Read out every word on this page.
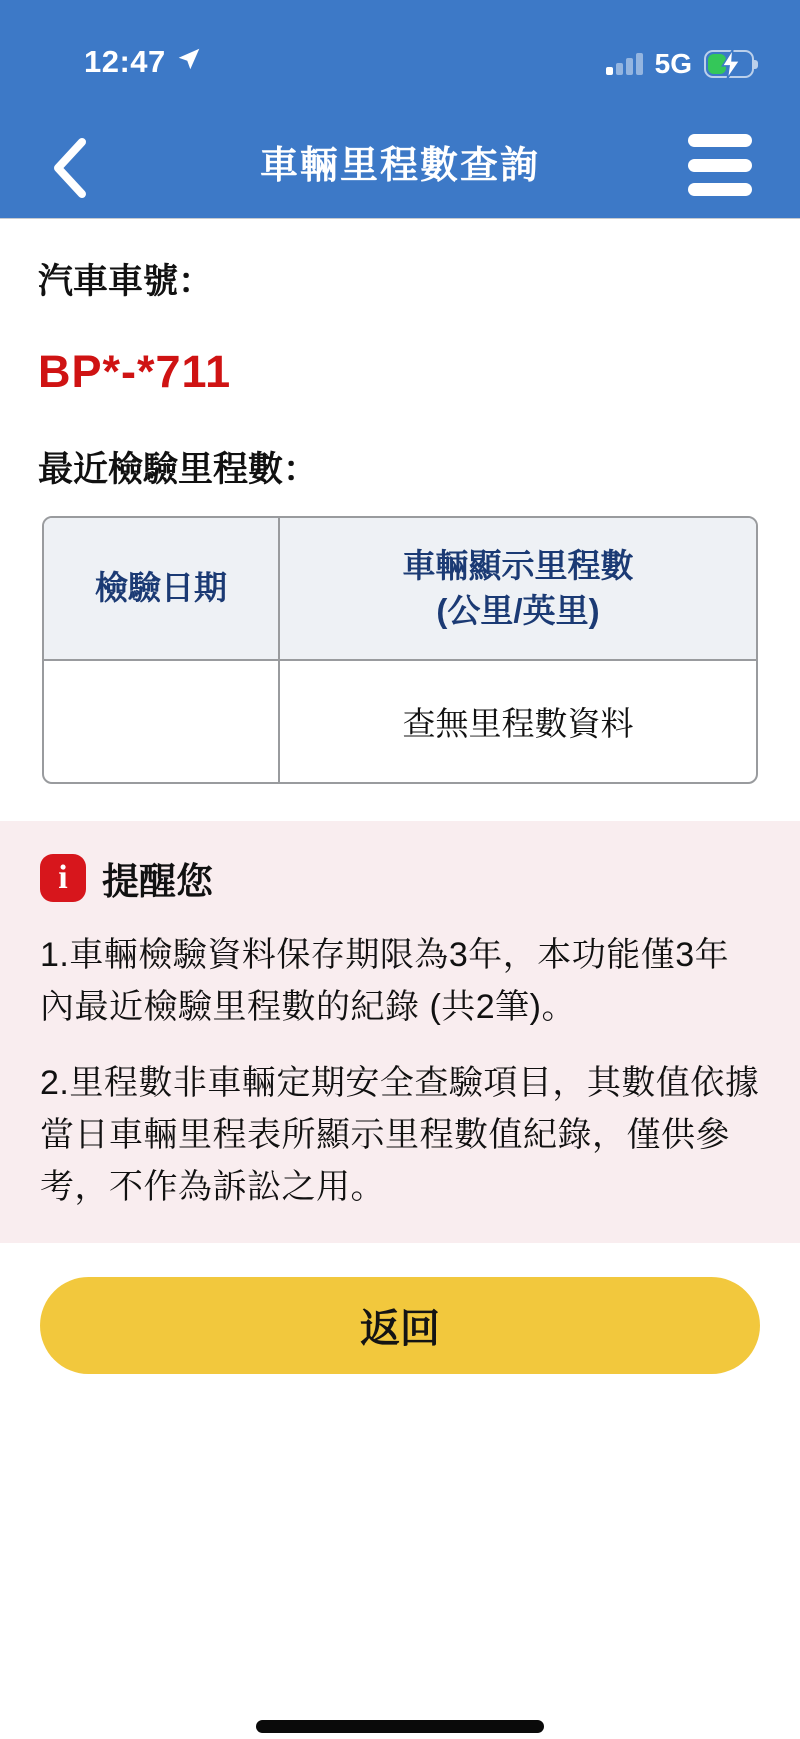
12:47	5G
車輛里程數查詢
汽車車號：
BP*-*711
最近檢驗里程數：
檢驗日期
車輛顯示里程數
(公里/英里)
查無里程數資料
i 提醒您

1.車輛檢驗資料保存期限為3年，本功能僅3年內最近檢驗里程數的紀錄 (共2筆)。

2.里程數非車輛定期安全查驗項目，其數值依據當日車輛里程表所顯示里程數值紀錄，僅供參考，不作為訴訟之用。

返回
